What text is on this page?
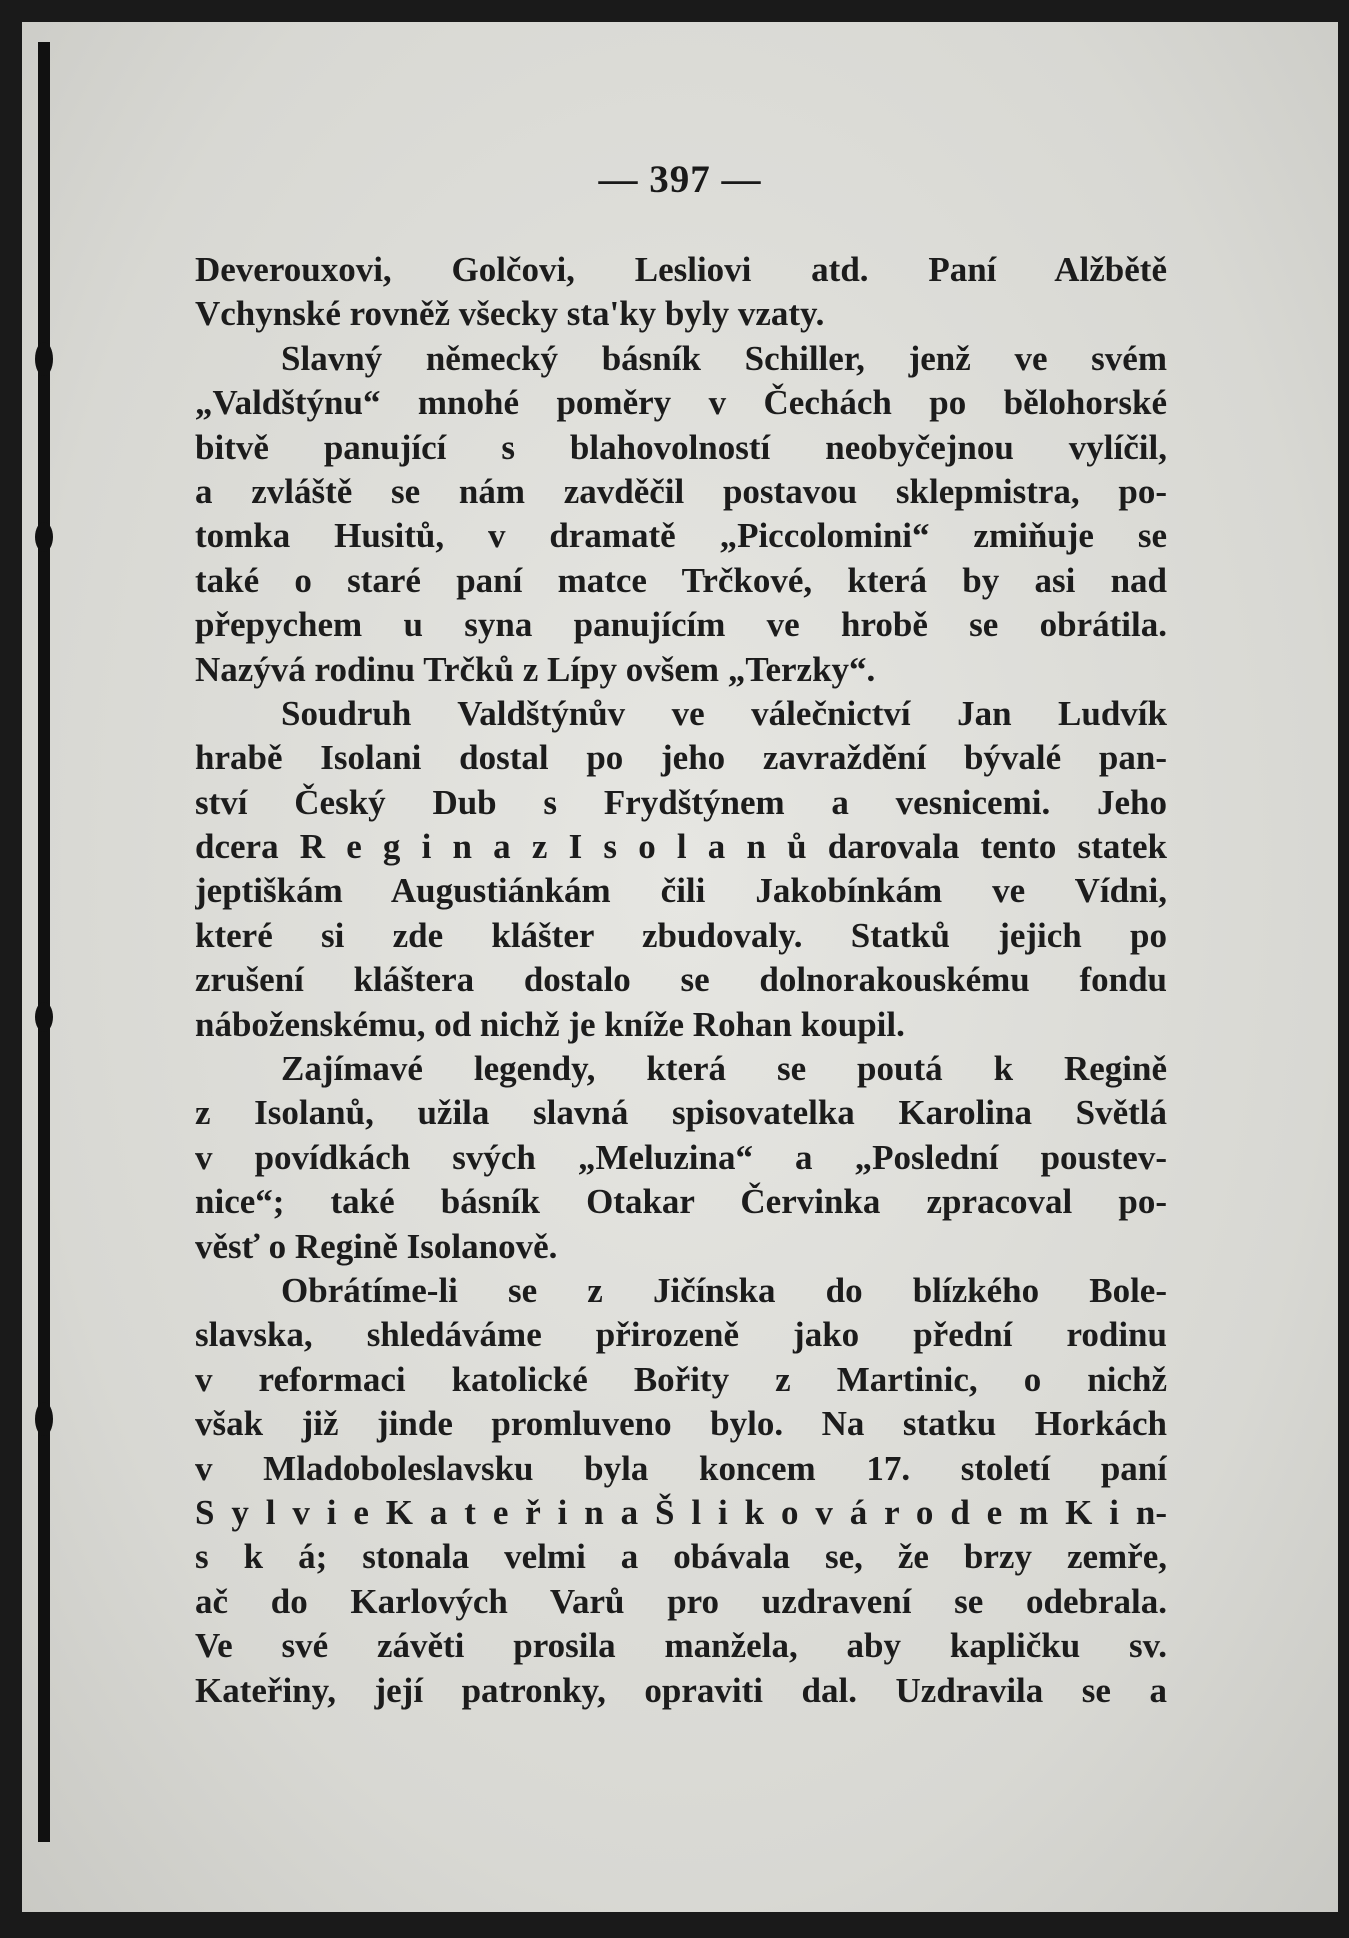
— 397 —
Deverouxovi, Golčovi, Lesliovi atd. Paní Alžbětě
Vchynské rovněž všecky sta'ky byly vzaty.
Slavný německý básník Schiller, jenž ve svém
„Valdštýnu“ mnohé poměry v Čechách po bělohorské
bitvě panující s blahovolností neobyčejnou vylíčil,
a zvláště se nám zavděčil postavou sklepmistra, po-
tomka Husitů, v dramatě „Piccolomini“ zmiňuje se
také o staré paní matce Trčkové, která by asi nad
přepychem u syna panujícím ve hrobě se obrátila.
Nazývá rodinu Trčků z Lípy ovšem „Terzky“.
Soudruh Valdštýnův ve válečnictví Jan Ludvík
hrabě Isolani dostal po jeho zavraždění bývalé pan-
ství Český Dub s Frydštýnem a vesnicemi. Jeho
dcera R e g i n a z I s o l a n ů darovala tento statek
jeptiškám Augustiánkám čili Jakobínkám ve Vídni,
které si zde klášter zbudovaly. Statků jejich po
zrušení kláštera dostalo se dolnorakouskému fondu
náboženskému, od nichž je kníže Rohan koupil.
Zajímavé legendy, která se poutá k Regině
z Isolanů, užila slavná spisovatelka Karolina Světlá
v povídkách svých „Meluzina“ a „Poslední poustev-
nice“; také básník Otakar Červinka zpracoval po-
věsť o Regině Isolanově.
Obrátíme-li se z Jičínska do blízkého Bole-
slavska, shledáváme přirozeně jako přední rodinu
v reformaci katolické Bořity z Martinic, o nichž
však již jinde promluveno bylo. Na statku Horkách
v Mladoboleslavsku byla koncem 17. století paní
S y l v i e K a t e ř i n a Š l i k o v á r o d e m K i n-
s k á; stonala velmi a obávala se, že brzy zemře,
ač do Karlových Varů pro uzdravení se odebrala.
Ve své závěti prosila manžela, aby kapličku sv.
Kateřiny, její patronky, opraviti dal. Uzdravila se a
